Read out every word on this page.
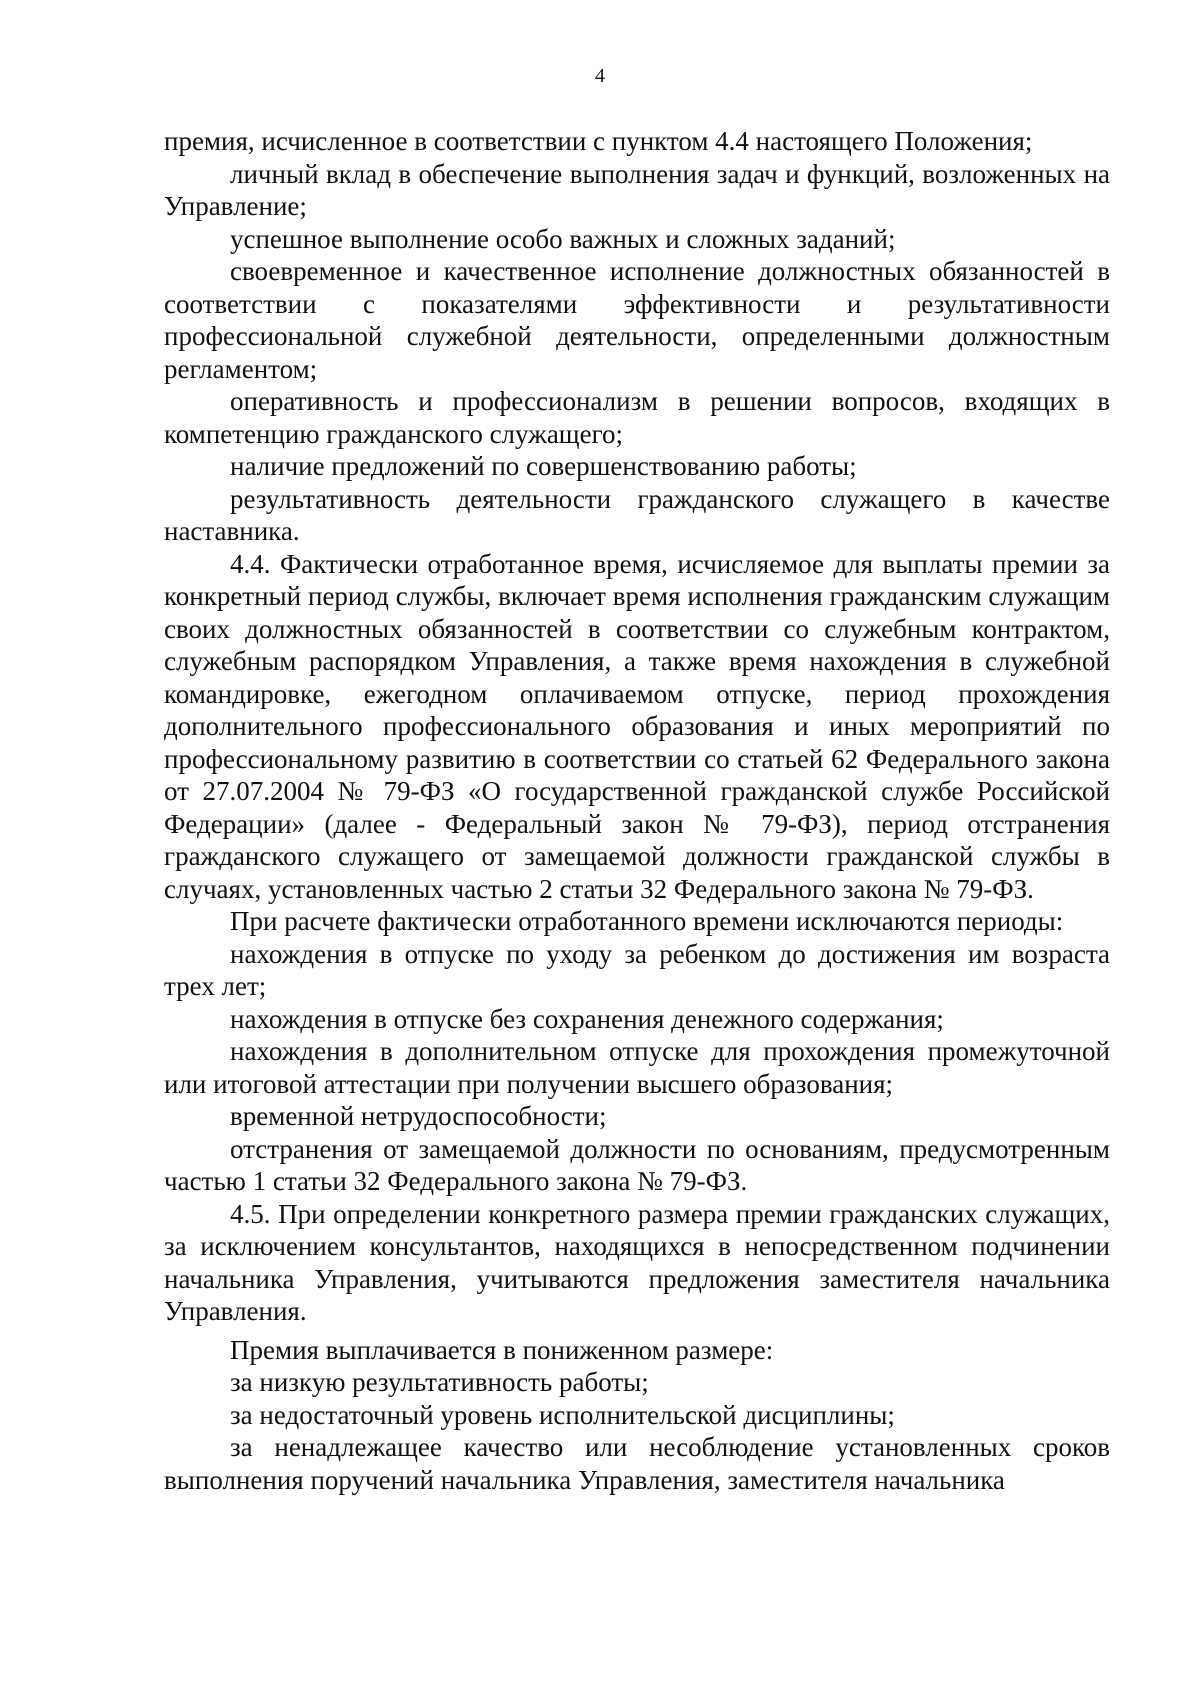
4

премия, исчисленное в соответствии с пунктом 4.4 настоящего Положения;

личный вклад в обеспечение выполнения задач и функций, возложенных на Управление;

успешное выполнение особо важных и сложных заданий;

своевременное и качественное исполнение должностных обязанностей в соответствии с показателями эффективности и результативности профессиональной служебной деятельности, определенными должностным регламентом;

оперативность и профессионализм в решении вопросов, входящих в компетенцию гражданского служащего;

наличие предложений по совершенствованию работы;

результативность деятельности гражданского служащего в качестве наставника.

4.4. Фактически отработанное время, исчисляемое для выплаты премии за конкретный период службы, включает время исполнения гражданским служащим своих должностных обязанностей в соответствии со служебным контрактом, служебным распорядком Управления, а также время нахождения в служебной командировке, ежегодном оплачиваемом отпуске, период прохождения дополнительного профессионального образования и иных мероприятий по профессиональному развитию в соответствии со статьей 62 Федерального закона от 27.07.2004 № 79-ФЗ «О государственной гражданской службе Российской Федерации» (далее - Федеральный закон № 79-ФЗ), период отстранения гражданского служащего от замещаемой должности гражданской службы в случаях, установленных частью 2 статьи 32 Федерального закона № 79-ФЗ.

При расчете фактически отработанного времени исключаются периоды:

нахождения в отпуске по уходу за ребенком до достижения им возраста трех лет;

нахождения в отпуске без сохранения денежного содержания;

нахождения в дополнительном отпуске для прохождения промежуточной или итоговой аттестации при получении высшего образования;

временной нетрудоспособности;

отстранения от замещаемой должности по основаниям, предусмотренным частью 1 статьи 32 Федерального закона № 79-ФЗ.

4.5. При определении конкретного размера премии гражданских служащих, за исключением консультантов, находящихся в непосредственном подчинении начальника Управления, учитываются предложения заместителя начальника Управления.

Премия выплачивается в пониженном размере:

за низкую результативность работы;

за недостаточный уровень исполнительской дисциплины;

за ненадлежащее качество или несоблюдение установленных сроков выполнения поручений начальника Управления, заместителя начальника
